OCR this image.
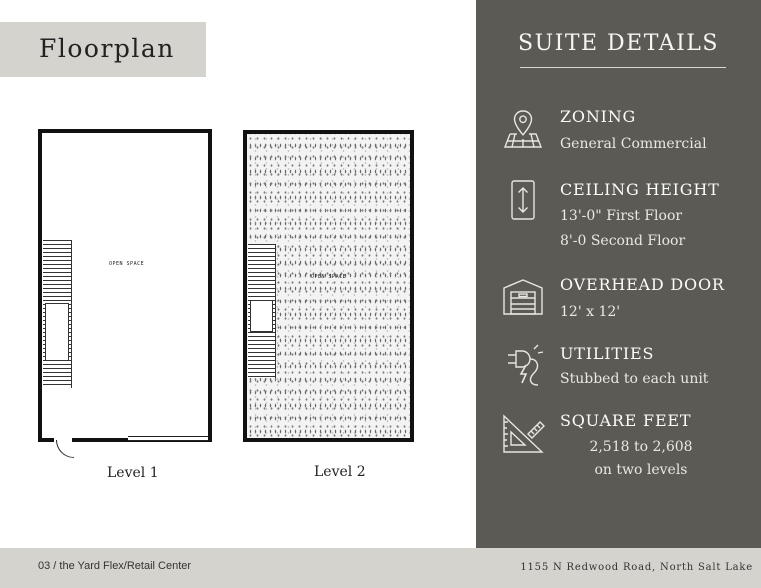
Floorplan
OPEN SPACE
OPEN SPACE
Level 1	Level 2
SUITE DETAILS
ZONING
General Commercial
CEILING HEIGHT
13'-0" First Floor
8'-0 Second Floor
OVERHEAD DOOR
12' x 12'
UTILITIES
Stubbed to each unit
SQUARE FEET
2,518 to 2,608
on two levels
03 / the Yard Flex/Retail Center	1155 N Redwood Road, North Salt Lake
